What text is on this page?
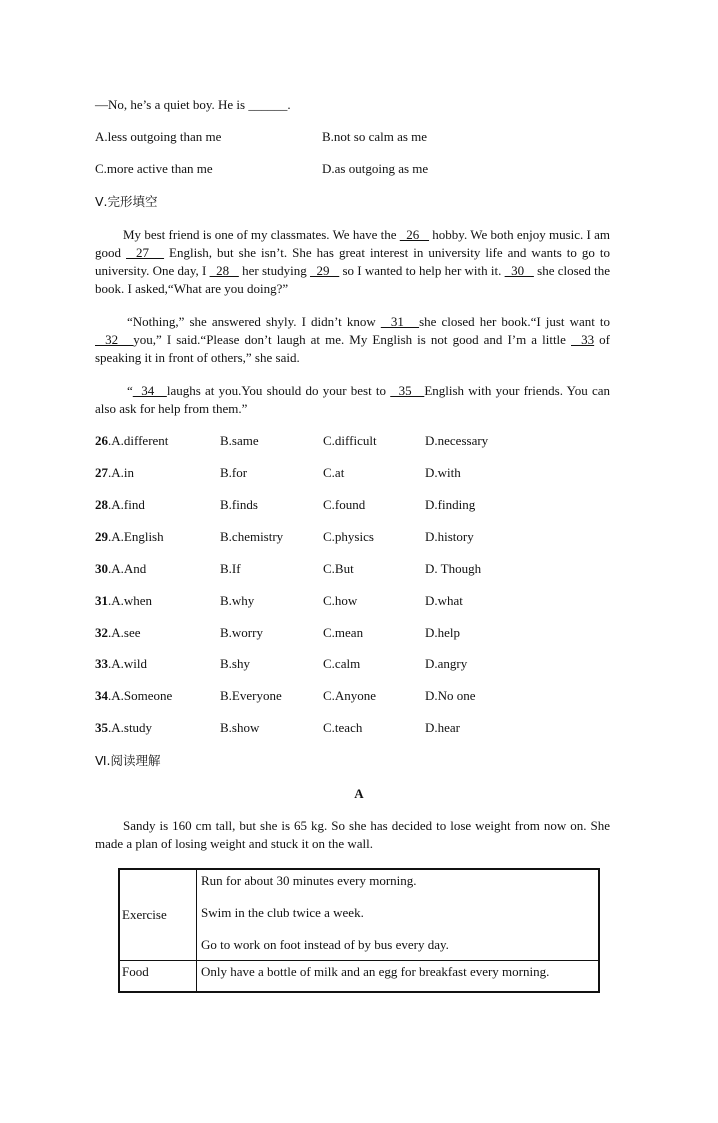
—No, he’s a quiet boy. He is ______.
A.less outgoing than me	B.not so calm as me
C.more active than me	D.as outgoing as me
Ⅴ.完形填空

My best friend is one of my classmates. We have the   26    hobby. We both enjoy music. I am good   27    English, but she isn’t. She has great interest in university life and wants to go to university. One day, I   28    her studying   29    so I wanted to help her with it.   30    she closed the book. I asked,“What are you doing?”

“Nothing,” she answered shyly. I didn’t know   31   she closed her book.“I just want to   32   you,” I said.“Please don’t laugh at me. My English is not good and I’m a little   33 of speaking it in front of others,” she said.

“  34   laughs at you.You should do your best to   35   English with your friends. You can also ask for help from them.”

26.A.different	B.same	C.difficult	D.necessary
27.A.in	B.for	C.at	D.with
28.A.find	B.finds	C.found	D.finding
29.A.English	B.chemistry	C.physics	D.history
30.A.And	B.If	C.But	D. Though
31.A.when	B.why	C.how	D.what
32.A.see	B.worry	C.mean	D.help
33.A.wild	B.shy	C.calm	D.angry
34.A.Someone	B.Everyone	C.Anyone	D.No one
35.A.study	B.show	C.teach	D.hear
Ⅵ.阅读理解
A

Sandy is 160 cm tall, but she is 65 kg. So she has decided to lose weight from now on. She made a plan of losing weight and stuck it on the wall.

Exercise	Run for about 30 minutes every morning.
Swim in the club twice a week.
Go to work on foot instead of by bus every day.

Food	Only have a bottle of milk and an egg for breakfast every morning.
